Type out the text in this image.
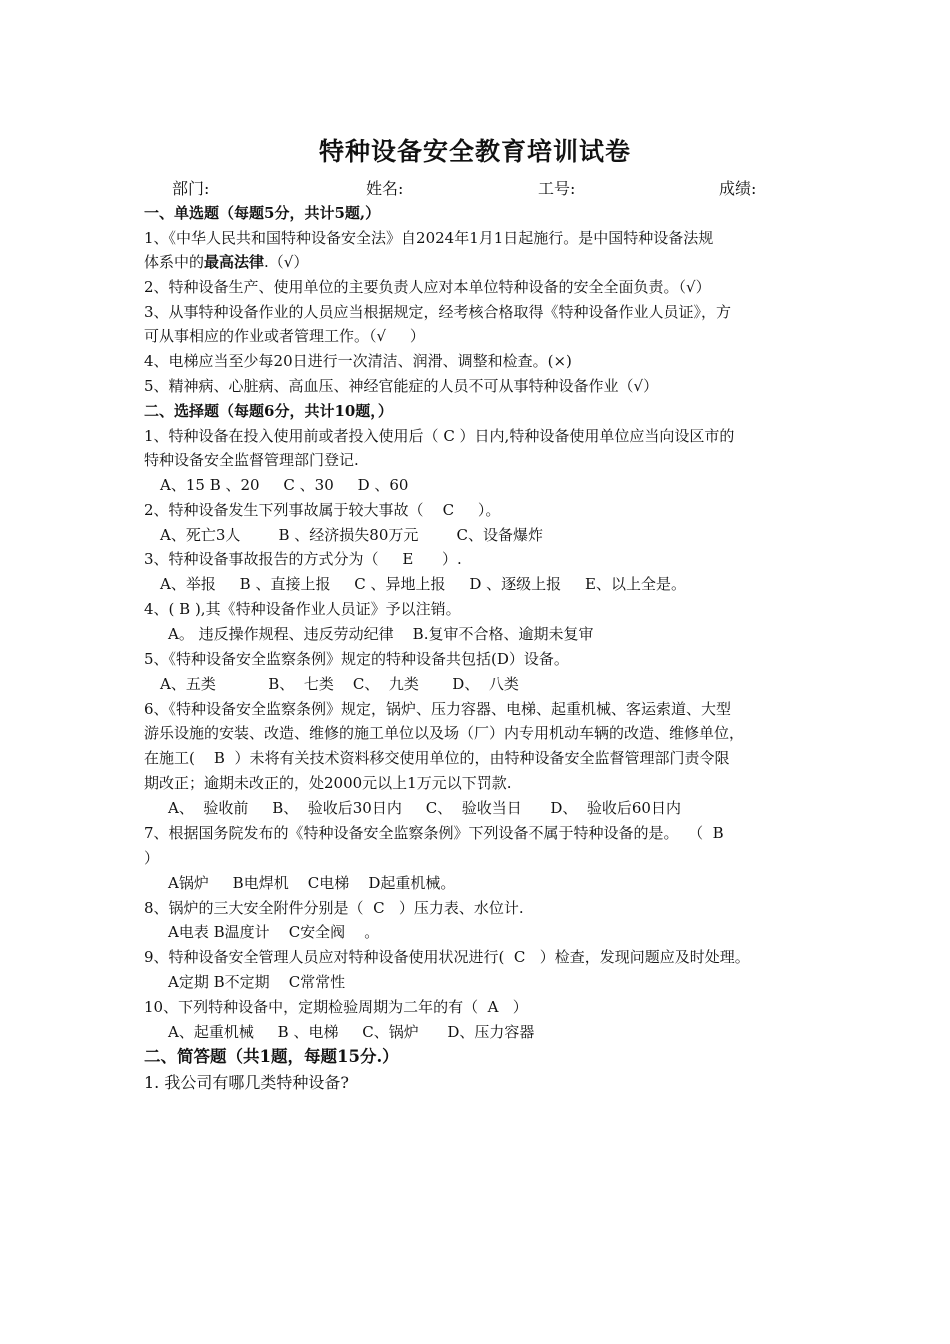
特种设备安全教育培训试卷
部门:	姓名:	工号:	成绩:
一、单选题（每题5分，共计5题,）
1、《中华人民共和国特种设备安全法》自2024年1月1日起施行。是中国特种设备法规
体系中的最高法律.（√）
2、特种设备生产、使用单位的主要负责人应对本单位特种设备的安全全面负责。（√）
3、从事特种设备作业的人员应当根据规定，经考核合格取得《特种设备作业人员证》，方
可从事相应的作业或者管理工作。（√     ）
4、电梯应当至少每20日进行一次清洁、润滑、调整和检查。(×)
5、精神病、心脏病、高血压、神经官能症的人员不可从事特种设备作业（√）
二、选择题（每题6分，共计10题，）
1、特种设备在投入使用前或者投入使用后（ C ）日内,特种设备使用单位应当向设区市的
特种设备安全监督管理部门登记.
A、15 B 、20     C 、30     D 、60
2、特种设备发生下列事故属于较大事故（    C     ）。
A、死亡3人        B 、经济损失80万元        C、设备爆炸
3、特种设备事故报告的方式分为（     E      ）.
A、举报     B 、直接上报     C 、异地上报     D 、逐级上报     E、以上全是。
4、( B ),其《特种设备作业人员证》予以注销。
A。 违反操作规程、违反劳动纪律    B.复审不合格、逾期未复审
5、《特种设备安全监察条例》规定的特种设备共包括(D）设备。
A、五类           B、  七类    C、  九类       D、  八类
6、《特种设备安全监察条例》规定，锅炉、压力容器、电梯、起重机械、客运索道、大型
游乐设施的安装、改造、维修的施工单位以及场（厂）内专用机动车辆的改造、维修单位，
在施工(    B  ）未将有关技术资料移交使用单位的，由特种设备安全监督管理部门责令限
期改正；逾期未改正的，处2000元以上1万元以下罚款.
A、  验收前     B、  验收后30日内     C、  验收当日      D、  验收后60日内
7、根据国务院发布的《特种设备安全监察条例》下列设备不属于特种设备的是。  （  B
）
A锅炉     B电焊机    C电梯    D起重机械。
8、锅炉的三大安全附件分别是（  C   ）压力表、水位计.
A电表 B温度计    C安全阀    。
9、特种设备安全管理人员应对特种设备使用状况进行(  C   ）检查，发现问题应及时处理。
A定期 B不定期    C常常性
10、下列特种设备中，定期检验周期为二年的有（  A   ）
A、起重机械     B 、电梯     C、锅炉      D、压力容器
二、简答题（共1题，每题15分.）
1. 我公司有哪几类特种设备?
